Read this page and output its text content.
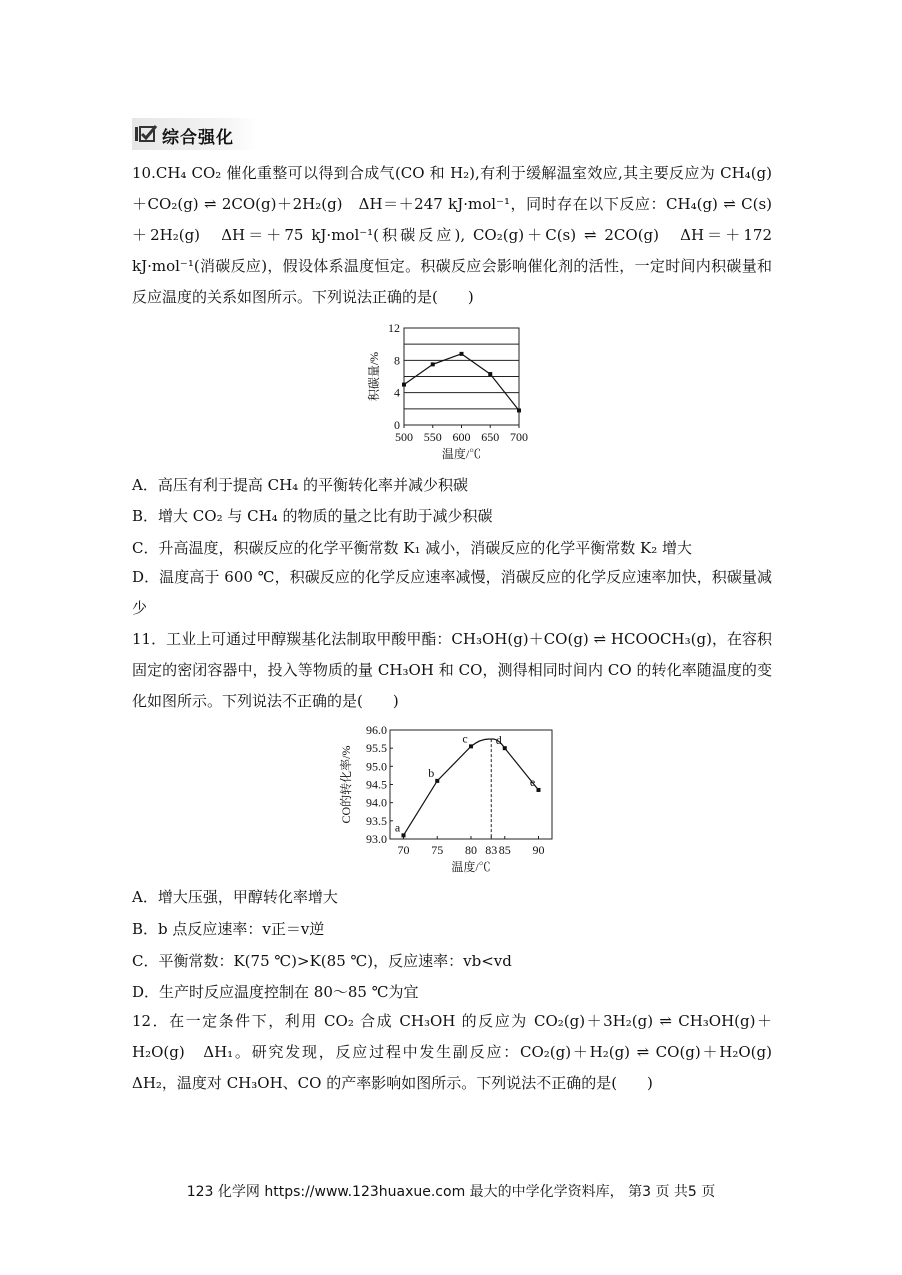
综合强化
10.CH₄ CO₂ 催化重整可以得到合成气(CO 和 H₂),有利于缓解温室效应,其主要反应为 CH₄(g)＋CO₂(g) ⇌ 2CO(g)＋2H₂(g)　ΔH＝＋247 kJ·mol⁻¹，同时存在以下反应：CH₄(g) ⇌ C(s)＋2H₂(g)　ΔH＝＋75 kJ·mol⁻¹(积碳反应), CO₂(g)＋C(s) ⇌ 2CO(g)　ΔH＝＋172 kJ·mol⁻¹(消碳反应)，假设体系温度恒定。积碳反应会影响催化剂的活性，一定时间内积碳量和反应温度的关系如图所示。下列说法正确的是(　　)
0
4
8
12
500 550 600 650 700
温度/℃
积碳量/%
A．高压有利于提高 CH₄ 的平衡转化率并减少积碳
B．增大 CO₂ 与 CH₄ 的物质的量之比有助于减少积碳
C．升高温度，积碳反应的化学平衡常数 K₁ 减小，消碳反应的化学平衡常数 K₂ 增大
D．温度高于 600 ℃，积碳反应的化学反应速率减慢，消碳反应的化学反应速率加快，积碳量减少
11．工业上可通过甲醇羰基化法制取甲酸甲酯：CH₃OH(g)＋CO(g) ⇌ HCOOCH₃(g)，在容积固定的密闭容器中，投入等物质的量 CH₃OH 和 CO，测得相同时间内 CO 的转化率随温度的变化如图所示。下列说法不正确的是(　　)
93.0
93.5
94.0
94.5
95.0
95.5
96.0
70 75 80 83 85 90
a
b
c d
e
温度/℃
CO的转化率/%
A．增大压强，甲醇转化率增大
B．b 点反应速率：v正＝v逆
C．平衡常数：K(75 ℃)>K(85 ℃)，反应速率：vb<vd
D．生产时反应温度控制在 80～85 ℃为宜
12．在一定条件下，利用 CO₂ 合成 CH₃OH 的反应为 CO₂(g)＋3H₂(g) ⇌ CH₃OH(g)＋H₂O(g)　ΔH₁。研究发现，反应过程中发生副反应：CO₂(g)＋H₂(g) ⇌ CO(g)＋H₂O(g)　ΔH₂，温度对 CH₃OH、CO 的产率影响如图所示。下列说法不正确的是(　　)
123 化学网 https://www.123huaxue.com 最大的中学化学资料库， 第3 页 共5 页
